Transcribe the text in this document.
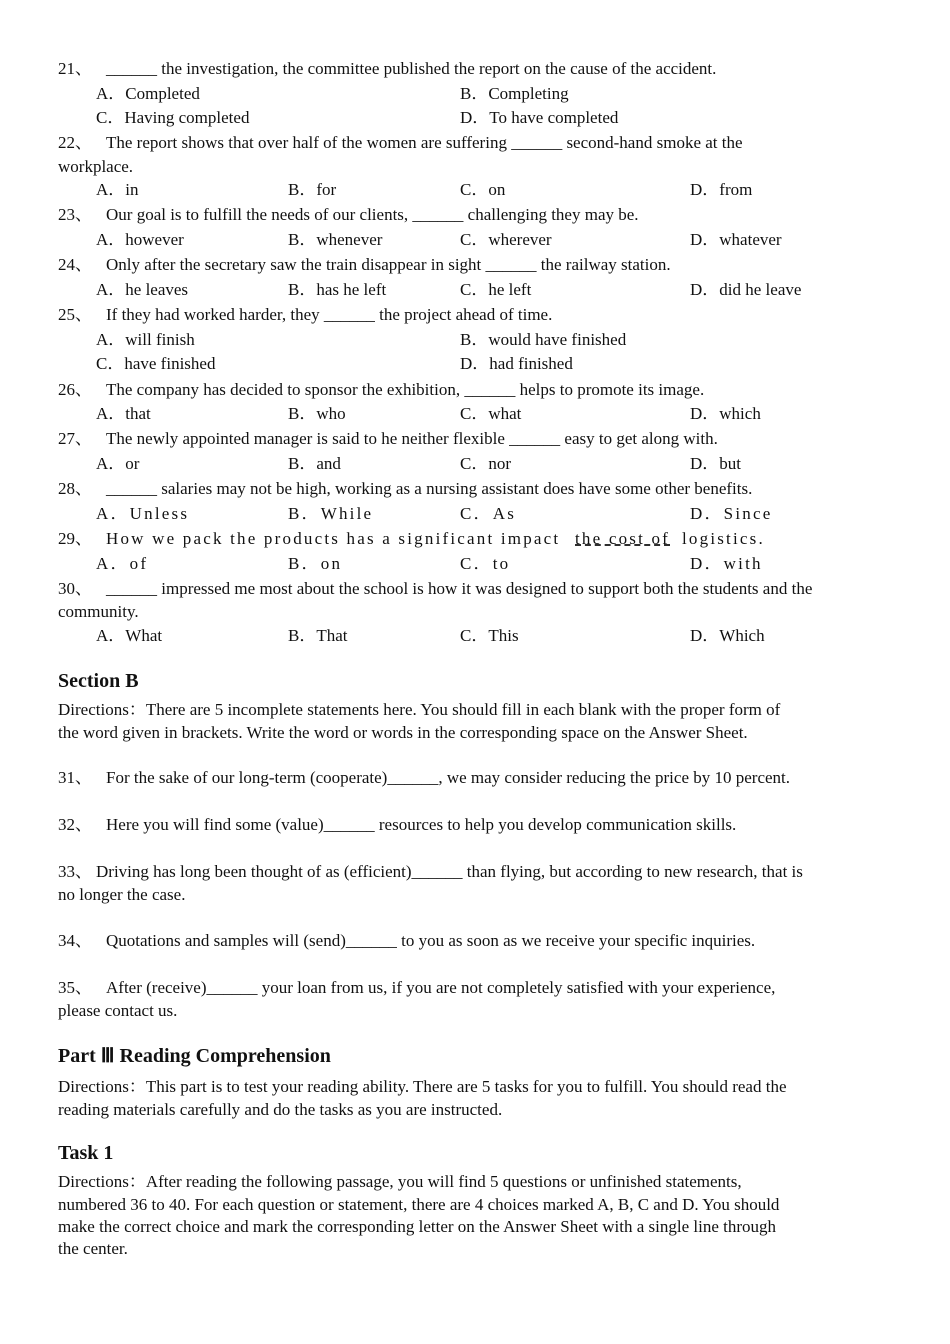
21、 ______ the investigation, the committee published the report on the cause of the accident.
A．Completed	B．Completing
C．Having completed	D．To have completed
22、 The report shows that over half of the women are suffering ______ second-hand smoke at the
workplace.
A．in	B．for	C．on	D．from
23、 Our goal is to fulfill the needs of our clients, ______ challenging they may be.
A．however	B．whenever	C．wherever	D．whatever
24、 Only after the secretary saw the train disappear in sight ______ the railway station.
A．he leaves	B．has he left	C．he left	D．did he leave
25、 If they had worked harder, they ______ the project ahead of time.
A．will finish	B．would have finished
C．have finished	D．had finished
26、 The company has decided to sponsor the exhibition, ______ helps to promote its image.
A．that	B．who	C．what	D．which
27、 The newly appointed manager is said to he neither flexible ______ easy to get along with.
A．or	B．and	C．nor	D．but
28、 ______ salaries may not be high, working as a nursing assistant does have some other benefits.
A．Unless	B．While	C．As	D．Since
29、 How we pack the products has a significant impact the cost of logistics.
A．of	B．on	C．to	D．with
30、 ______ impressed me most about the school is how it was designed to support both the students and the
community.
A．What	B．That	C．This	D．Which
Section B
Directions：There are 5 incomplete statements here. You should fill in each blank with the proper form of
the word given in brackets. Write the word or words in the corresponding space on the Answer Sheet.
31、 For the sake of our long-term (cooperate)______, we may consider reducing the price by 10 percent.
32、 Here you will find some (value)______ resources to help you develop communication skills.
33、 Driving has long been thought of as (efficient)______ than flying, but according to new research, that is
no longer the case.
34、 Quotations and samples will (send)______ to you as soon as we receive your specific inquiries.
35、 After (receive)______ your loan from us, if you are not completely satisfied with your experience,
please contact us.
Part Ⅲ Reading Comprehension
Directions：This part is to test your reading ability. There are 5 tasks for you to fulfill. You should read the
reading materials carefully and do the tasks as you are instructed.
Task 1
Directions：After reading the following passage, you will find 5 questions or unfinished statements,
numbered 36 to 40. For each question or statement, there are 4 choices marked A, B, C and D. You should
make the correct choice and mark the corresponding letter on the Answer Sheet with a single line through
the center.
